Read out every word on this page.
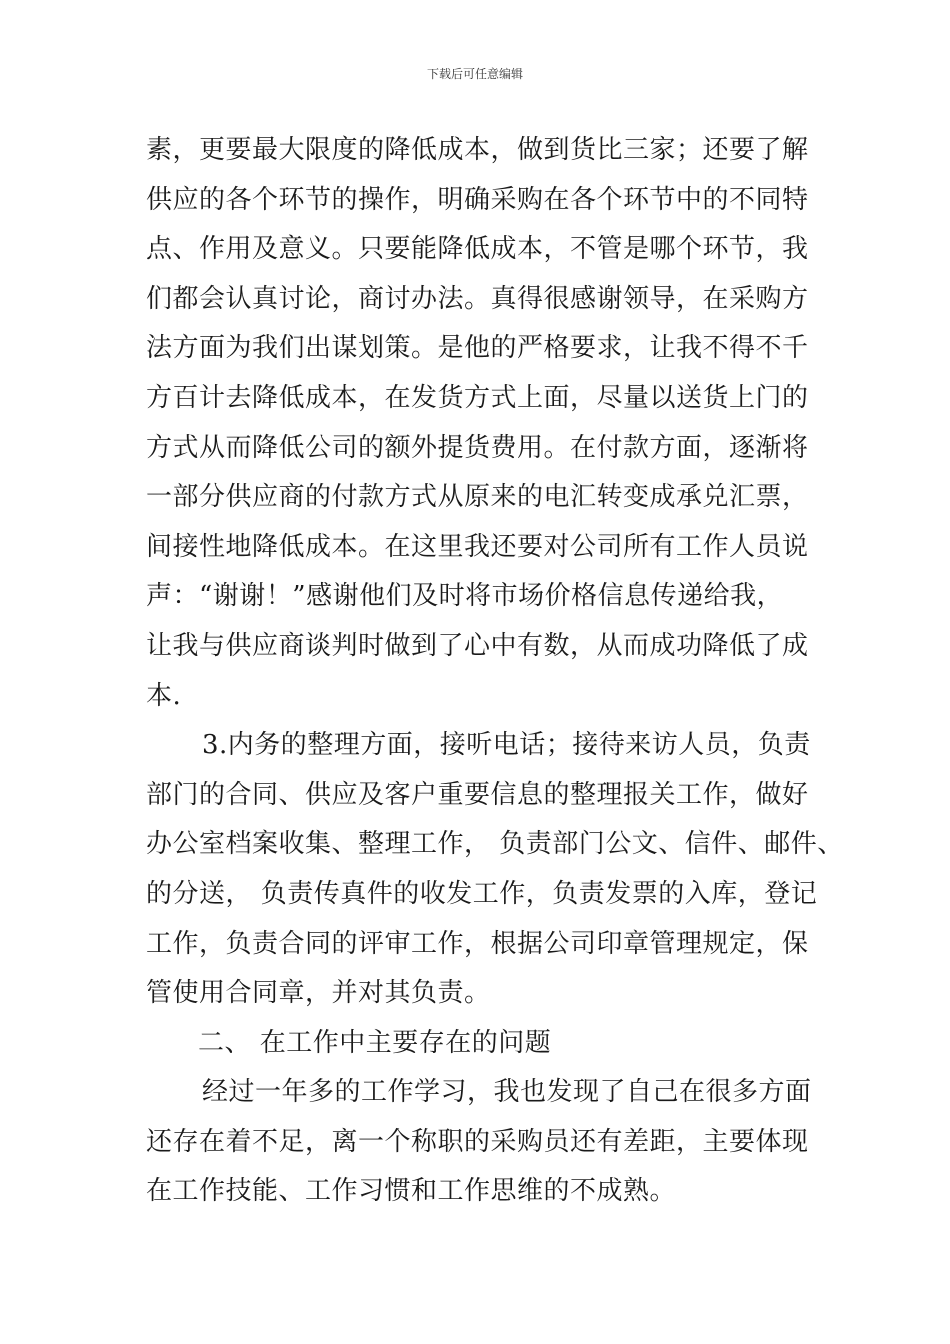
下载后可任意编辑
素，更要最大限度的降低成本，做到货比三家；还要了解
供应的各个环节的操作，明确采购在各个环节中的不同特
点、作用及意义。只要能降低成本，不管是哪个环节，我
们都会认真讨论，商讨办法。真得很感谢领导，在采购方
法方面为我们出谋划策。是他的严格要求，让我不得不千
方百计去降低成本，在发货方式上面，尽量以送货上门的
方式从而降低公司的额外提货费用。在付款方面，逐渐将
一部分供应商的付款方式从原来的电汇转变成承兑汇票，
间接性地降低成本。在这里我还要对公司所有工作人员说
声：“谢谢！”感谢他们及时将市场价格信息传递给我，
让我与供应商谈判时做到了心中有数，从而成功降低了成
本.
3.内务的整理方面，接听电话；接待来访人员，负责
部门的合同、供应及客户重要信息的整理报关工作，做好
办公室档案收集、整理工作， 负责部门公文、信件、邮件、
的分送， 负责传真件的收发工作，负责发票的入库，登记
工作，负责合同的评审工作，根据公司印章管理规定，保
管使用合同章，并对其负责。
二、 在工作中主要存在的问题
经过一年多的工作学习，我也发现了自己在很多方面
还存在着不足，离一个称职的采购员还有差距，主要体现
在工作技能、工作习惯和工作思维的不成熟。
